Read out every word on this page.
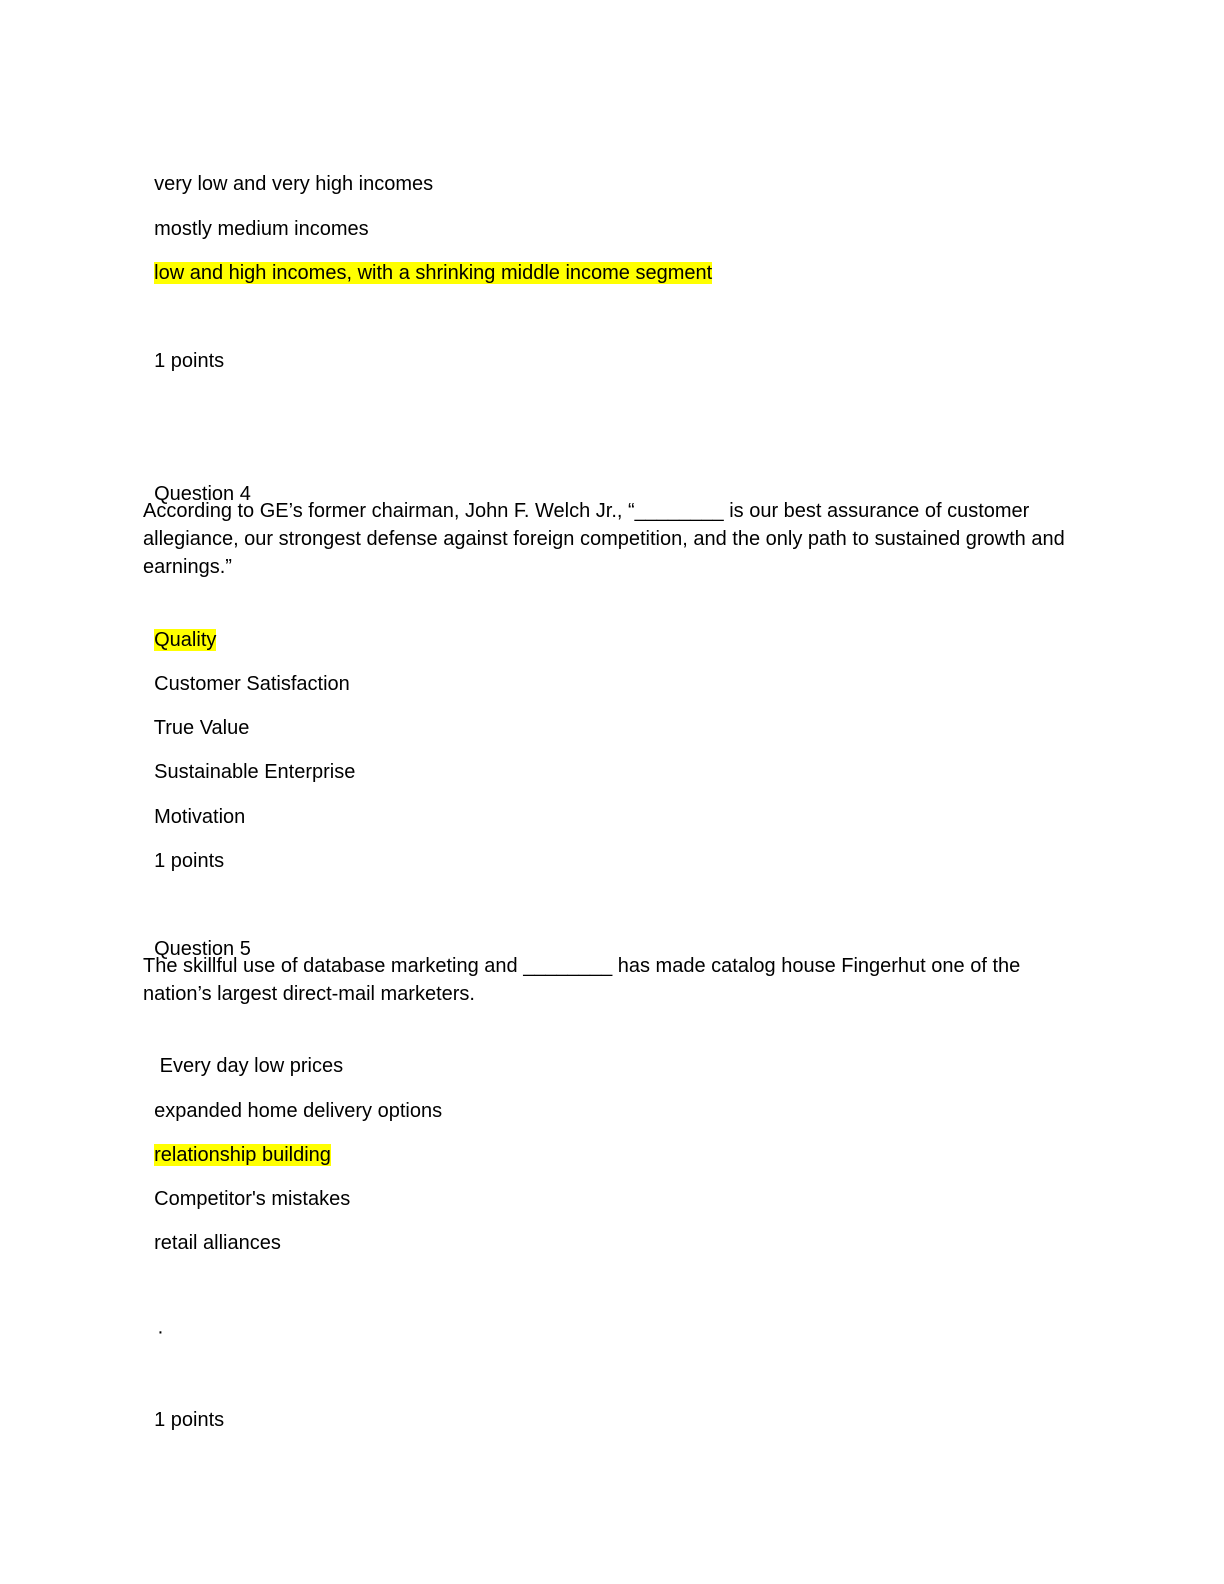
very low and very high incomes

mostly medium incomes

low and high incomes, with a shrinking middle income segment

1 points

Question 4

According to GE’s former chairman, John F. Welch Jr., “________ is our best assurance of customer allegiance, our strongest defense against foreign competition, and the only path to sustained growth and earnings.”

Quality

Customer Satisfaction

True Value

Sustainable Enterprise

Motivation

1 points

Question 5

The skillful use of database marketing and ________ has made catalog house Fingerhut one of the nation’s largest direct-mail marketers.

Every day low prices

expanded home delivery options

relationship building

Competitor's mistakes

retail alliances

·

1 points
